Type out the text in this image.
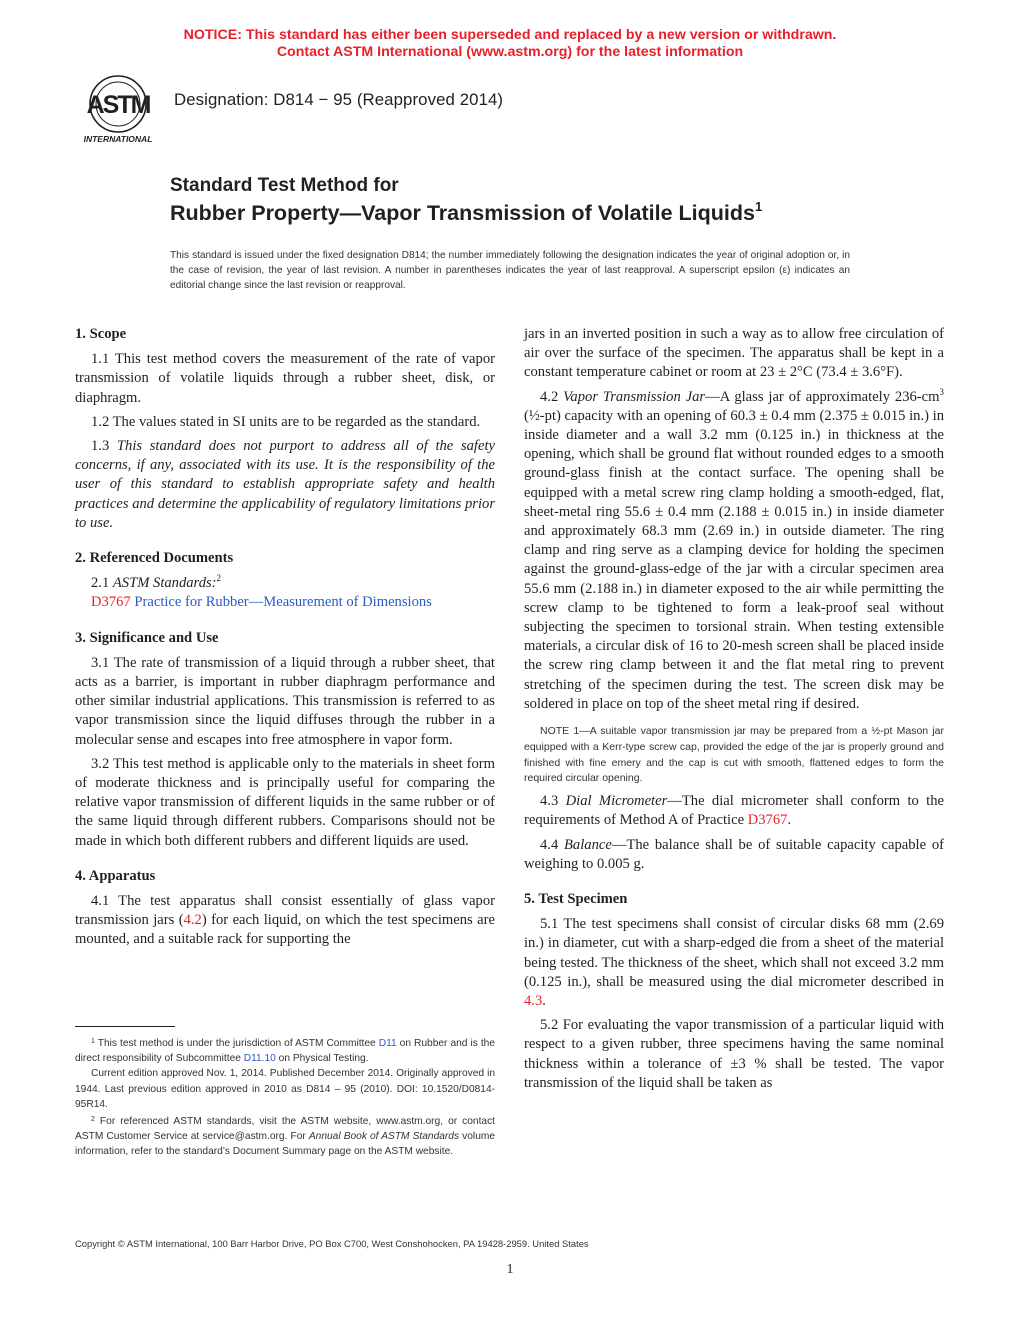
NOTICE: This standard has either been superseded and replaced by a new version or withdrawn.
Contact ASTM International (www.astm.org) for the latest information
ASTM
INTERNATIONAL
Designation: D814 − 95 (Reapproved 2014)
Standard Test Method for
Rubber Property—Vapor Transmission of Volatile Liquids$^1$
This standard is issued under the fixed designation D814; the number immediately following the designation indicates the year of original adoption or, in the case of revision, the year of last revision. A number in parentheses indicates the year of last reapproval. A superscript epsilon (ε) indicates an editorial change since the last revision or reapproval.
1. Scope

1.1 This test method covers the measurement of the rate of vapor transmission of volatile liquids through a rubber sheet, disk, or diaphragm.

1.2 The values stated in SI units are to be regarded as the standard.

1.3 This standard does not purport to address all of the safety concerns, if any, associated with its use. It is the responsibility of the user of this standard to establish appropriate safety and health practices and determine the applicability of regulatory limitations prior to use.

2. Referenced Documents

2.1 ASTM Standards:$^2$

D3767 Practice for Rubber—Measurement of Dimensions
3. Significance and Use

3.1 The rate of transmission of a liquid through a rubber sheet, that acts as a barrier, is important in rubber diaphragm performance and other similar industrial applications. This transmission is referred to as vapor transmission since the liquid diffuses through the rubber in a molecular sense and escapes into free atmosphere in vapor form.

3.2 This test method is applicable only to the materials in sheet form of moderate thickness and is principally useful for comparing the relative vapor transmission of different liquids in the same rubber or of the same liquid through different rubbers. Comparisons should not be made in which both different rubbers and different liquids are used.

4. Apparatus

4.1 The test apparatus shall consist essentially of glass vapor transmission jars (4.2) for each liquid, on which the test specimens are mounted, and a suitable rack for supporting the

$^1$ This test method is under the jurisdiction of ASTM Committee D11 on Rubber and is the direct responsibility of Subcommittee D11.10 on Physical Testing.

Current edition approved Nov. 1, 2014. Published December 2014. Originally approved in 1944. Last previous edition approved in 2010 as D814 – 95 (2010). DOI: 10.1520/D0814-95R14.

$^2$ For referenced ASTM standards, visit the ASTM website, www.astm.org, or contact ASTM Customer Service at service@astm.org. For Annual Book of ASTM Standards volume information, refer to the standard’s Document Summary page on the ASTM website.

jars in an inverted position in such a way as to allow free circulation of air over the surface of the specimen. The apparatus shall be kept in a constant temperature cabinet or room at 23 ± 2°C (73.4 ± 3.6°F).

4.2 Vapor Transmission Jar—A glass jar of approximately $236-cm^3$ (½-pt) capacity with an opening of 60.3 ± 0.4 mm (2.375 ± 0.015 in.) in inside diameter and a wall 3.2 mm (0.125 in.) in thickness at the opening, which shall be ground flat without rounded edges to a smooth ground-glass finish at the contact surface. The opening shall be equipped with a metal screw ring clamp holding a smooth-edged, flat, sheet-metal ring 55.6 ± 0.4 mm (2.188 ± 0.015 in.) in inside diameter and approximately 68.3 mm (2.69 in.) in outside diameter. The ring clamp and ring serve as a clamping device for holding the specimen against the ground-glass-edge of the jar with a circular specimen area 55.6 mm (2.188 in.) in diameter exposed to the air while permitting the screw clamp to be tightened to form a leak-proof seal without subjecting the specimen to torsional strain. When testing extensible materials, a circular disk of 16 to 20-mesh screen shall be placed inside the screw ring clamp between it and the flat metal ring to prevent stretching of the specimen during the test. The screen disk may be soldered in place on top of the sheet metal ring if desired.

NOTE 1—A suitable vapor transmission jar may be prepared from a ½-pt Mason jar equipped with a Kerr-type screw cap, provided the edge of the jar is properly ground and finished with fine emery and the cap is cut with smooth, flattened edges to form the required circular opening.

4.3 Dial Micrometer—The dial micrometer shall conform to the requirements of Method A of Practice D3767.

4.4 Balance—The balance shall be of suitable capacity capable of weighing to 0.005 g.

5. Test Specimen

5.1 The test specimens shall consist of circular disks 68 mm (2.69 in.) in diameter, cut with a sharp-edged die from a sheet of the material being tested. The thickness of the sheet, which shall not exceed 3.2 mm (0.125 in.), shall be measured using the dial micrometer described in 4.3.

5.2 For evaluating the vapor transmission of a particular liquid with respect to a given rubber, three specimens having the same nominal thickness within a tolerance of ±3 % shall be tested. The vapor transmission of the liquid shall be taken as

Copyright © ASTM International, 100 Barr Harbor Drive, PO Box C700, West Conshohocken, PA 19428-2959. United States
1
